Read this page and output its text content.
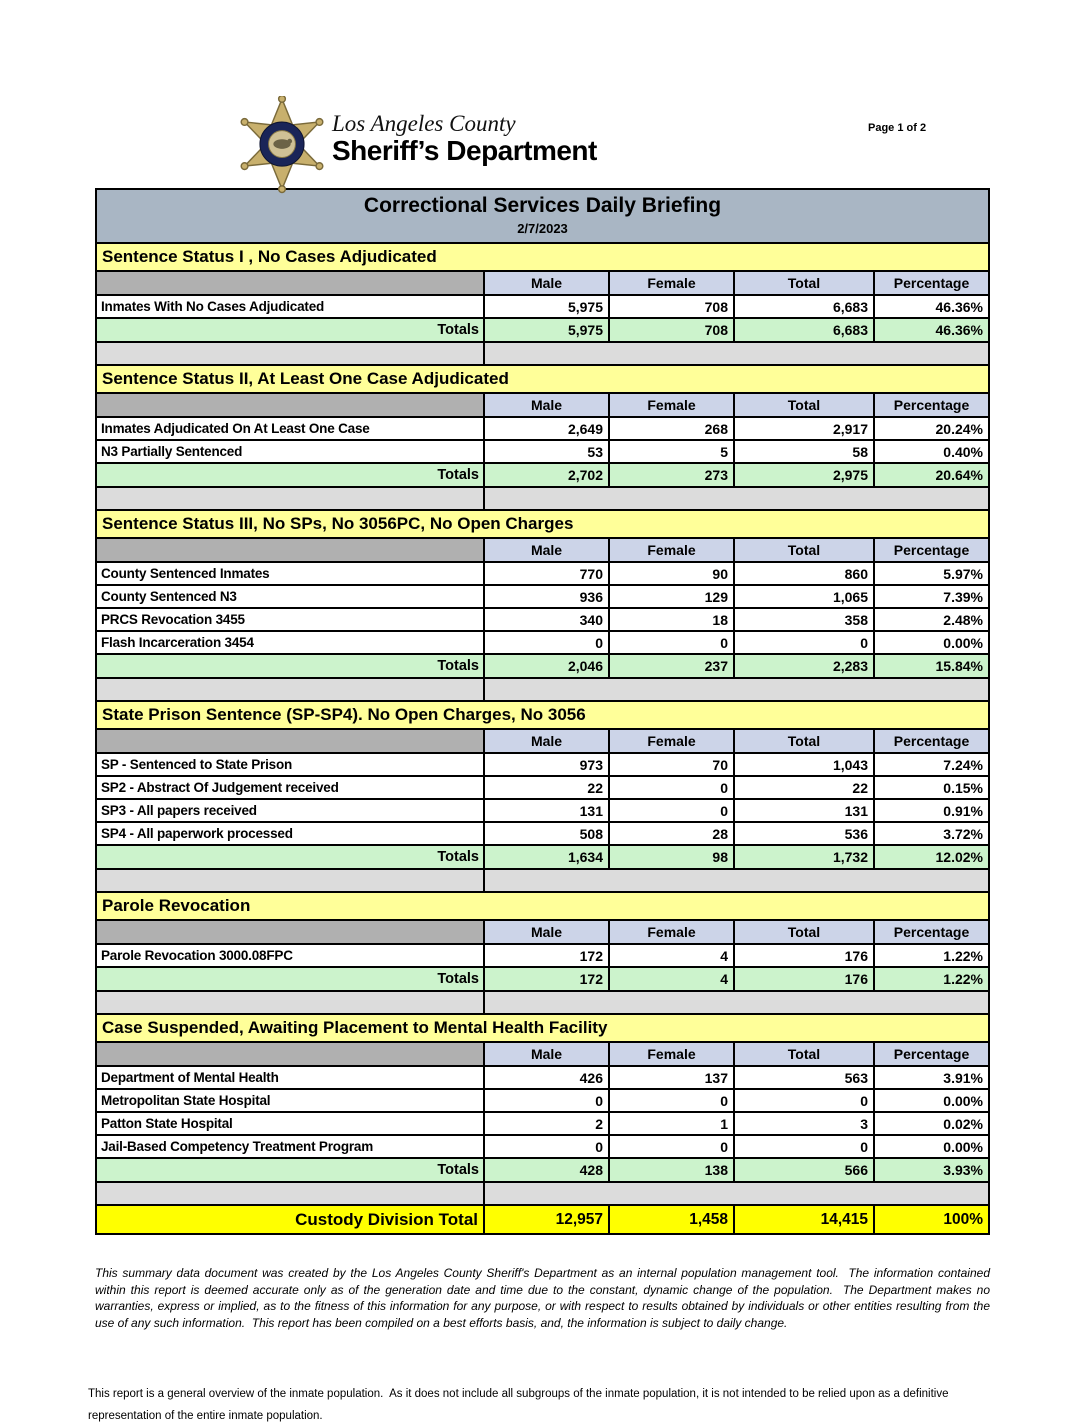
Los Angeles County
Sheriff’s Department
Page 1 of 2
Correctional Services Daily Briefing
2/7/2023
Sentence Status I , No Cases Adjudicated
Male	Female	Total	Percentage
Inmates With No Cases Adjudicated	5,975	708	6,683	46.36%
Totals	5,975	708	6,683	46.36%
Sentence Status II, At Least One Case Adjudicated
Male	Female	Total	Percentage
Inmates Adjudicated On At Least One Case	2,649	268	2,917	20.24%
N3 Partially Sentenced	53	5	58	0.40%
Totals	2,702	273	2,975	20.64%
Sentence Status III, No SPs, No 3056PC, No Open Charges
Male	Female	Total	Percentage
County Sentenced Inmates	770	90	860	5.97%
County Sentenced N3	936	129	1,065	7.39%
PRCS Revocation 3455	340	18	358	2.48%
Flash Incarceration 3454	0	0	0	0.00%
Totals	2,046	237	2,283	15.84%
State Prison Sentence (SP-SP4). No Open Charges, No 3056
Male	Female	Total	Percentage
SP - Sentenced to State Prison	973	70	1,043	7.24%
SP2 - Abstract Of Judgement received	22	0	22	0.15%
SP3 - All papers received	131	0	131	0.91%
SP4 - All paperwork processed	508	28	536	3.72%
Totals	1,634	98	1,732	12.02%
Parole Revocation
Male	Female	Total	Percentage
Parole Revocation 3000.08FPC	172	4	176	1.22%
Totals	172	4	176	1.22%
Case Suspended, Awaiting Placement to Mental Health Facility
Male	Female	Total	Percentage
Department of Mental Health	426	137	563	3.91%
Metropolitan State Hospital	0	0	0	0.00%
Patton State Hospital	2	1	3	0.02%
Jail-Based Competency Treatment Program	0	0	0	0.00%
Totals	428	138	566	3.93%
Custody Division Total	12,957	1,458	14,415	100%
This summary data document was created by the Los Angeles County Sheriff's Department as an internal population management tool.  The information contained within this report is deemed accurate only as of the generation date and time due to the constant, dynamic change of the population.  The Department makes no warranties, express or implied, as to the fitness of this information for any purpose, or with respect to results obtained by individuals or other entities resulting from the use of any such information.  This report has been compiled on a best efforts basis, and, the information is subject to daily change.
This report is a general overview of the inmate population.  As it does not include all subgroups of the inmate population, it is not intended to be relied upon as a definitive representation of the entire inmate population.
